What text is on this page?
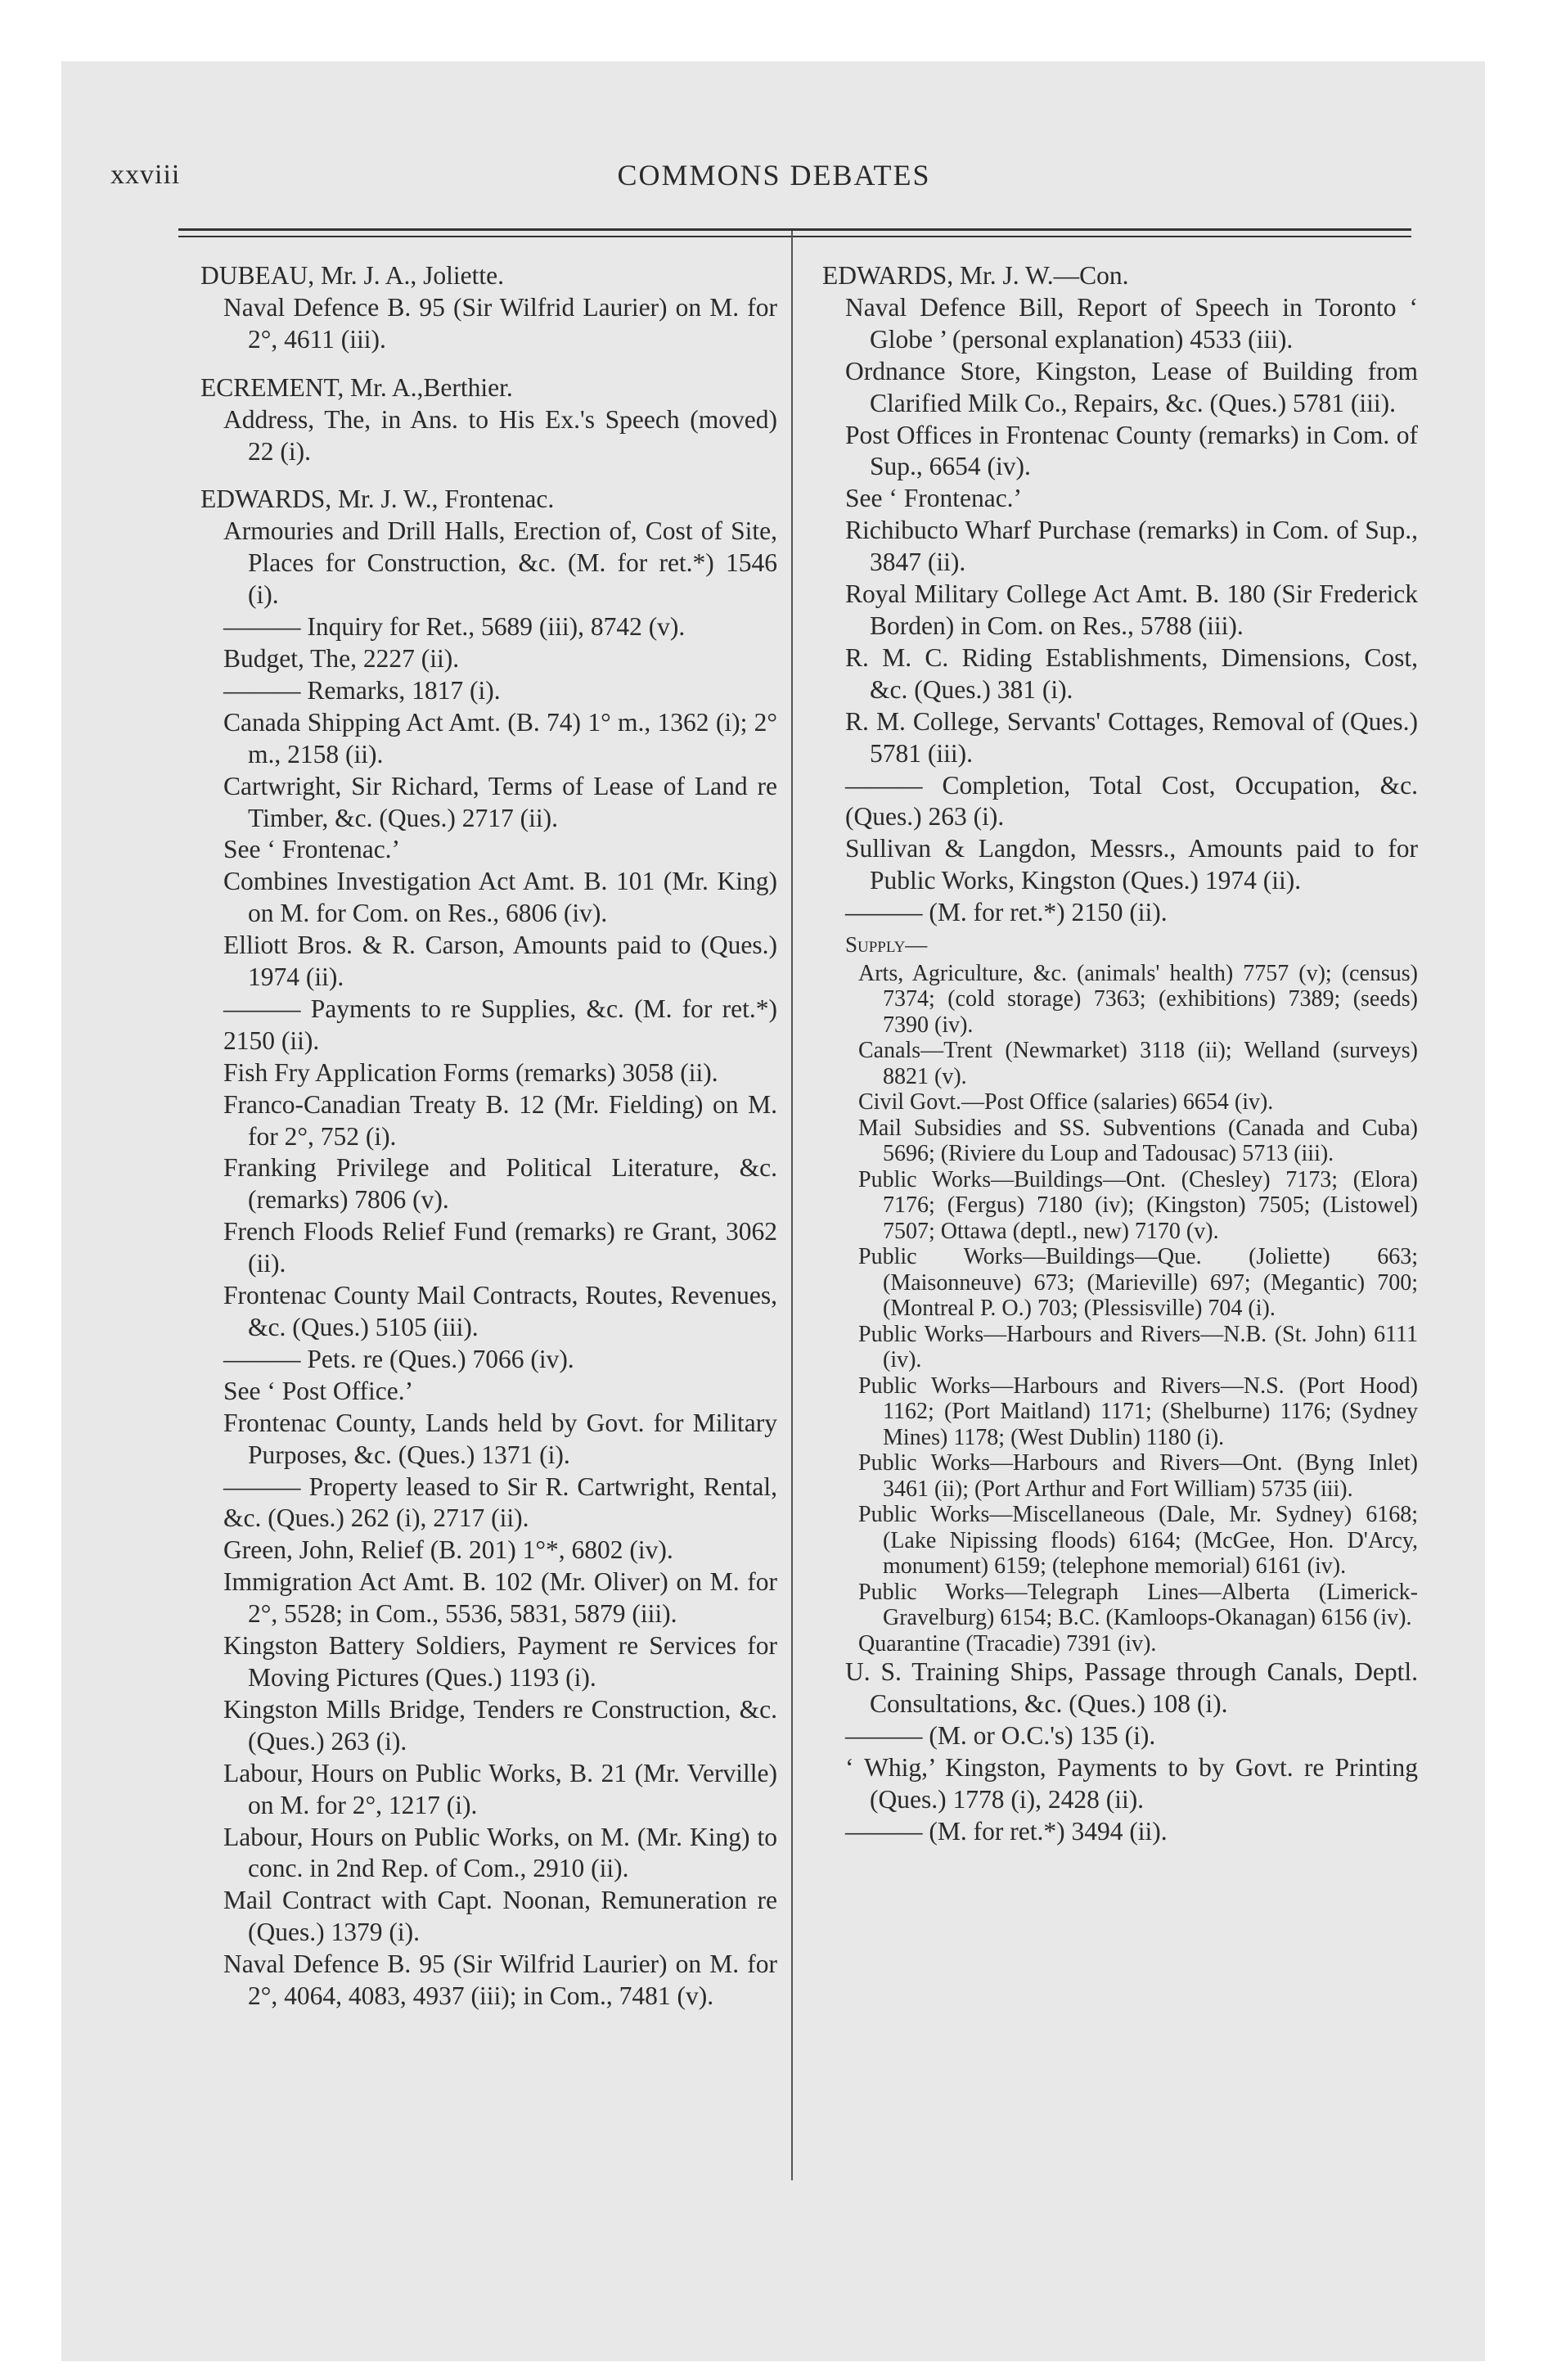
xxviii	COMMONS DEBATES
DUBEAU, Mr. J. A., Joliette.
Naval Defence B. 95 (Sir Wilfrid Laurier) on M. for 2°, 4611 (iii).
ECREMENT, Mr. A.,Berthier.
Address, The, in Ans. to His Ex.'s Speech (moved) 22 (i).
EDWARDS, Mr. J. W., Frontenac.
Armouries and Drill Halls, Erection of, Cost of Site, Places for Construction, &c. (M. for ret.*) 1546 (i).
——— Inquiry for Ret., 5689 (iii), 8742 (v).
Budget, The, 2227 (ii).
——— Remarks, 1817 (i).
Canada Shipping Act Amt. (B. 74) 1° m., 1362 (i); 2° m., 2158 (ii).
Cartwright, Sir Richard, Terms of Lease of Land re Timber, &c. (Ques.) 2717 (ii).
See ‘ Frontenac.’
Combines Investigation Act Amt. B. 101 (Mr. King) on M. for Com. on Res., 6806 (iv).
Elliott Bros. & R. Carson, Amounts paid to (Ques.) 1974 (ii).
——— Payments to re Supplies, &c. (M. for ret.*) 2150 (ii).
Fish Fry Application Forms (remarks) 3058 (ii).
Franco-Canadian Treaty B. 12 (Mr. Fielding) on M. for 2°, 752 (i).
Franking Privilege and Political Literature, &c. (remarks) 7806 (v).
French Floods Relief Fund (remarks) re Grant, 3062 (ii).
Frontenac County Mail Contracts, Routes, Revenues, &c. (Ques.) 5105 (iii).
——— Pets. re (Ques.) 7066 (iv).
See ‘ Post Office.’
Frontenac County, Lands held by Govt. for Military Purposes, &c. (Ques.) 1371 (i).
——— Property leased to Sir R. Cartwright, Rental, &c. (Ques.) 262 (i), 2717 (ii).
Green, John, Relief (B. 201) 1°*, 6802 (iv).
Immigration Act Amt. B. 102 (Mr. Oliver) on M. for 2°, 5528; in Com., 5536, 5831, 5879 (iii).
Kingston Battery Soldiers, Payment re Services for Moving Pictures (Ques.) 1193 (i).
Kingston Mills Bridge, Tenders re Construction, &c. (Ques.) 263 (i).
Labour, Hours on Public Works, B. 21 (Mr. Verville) on M. for 2°, 1217 (i).
Labour, Hours on Public Works, on M. (Mr. King) to conc. in 2nd Rep. of Com., 2910 (ii).
Mail Contract with Capt. Noonan, Remuneration re (Ques.) 1379 (i).
Naval Defence B. 95 (Sir Wilfrid Laurier) on M. for 2°, 4064, 4083, 4937 (iii); in Com., 7481 (v).
EDWARDS, Mr. J. W.—Con.
Naval Defence Bill, Report of Speech in Toronto ‘ Globe ’ (personal explanation) 4533 (iii).
Ordnance Store, Kingston, Lease of Building from Clarified Milk Co., Repairs, &c. (Ques.) 5781 (iii).
Post Offices in Frontenac County (remarks) in Com. of Sup., 6654 (iv).
See ‘ Frontenac.’
Richibucto Wharf Purchase (remarks) in Com. of Sup., 3847 (ii).
Royal Military College Act Amt. B. 180 (Sir Frederick Borden) in Com. on Res., 5788 (iii).
R. M. C. Riding Establishments, Dimensions, Cost, &c. (Ques.) 381 (i).
R. M. College, Servants' Cottages, Removal of (Ques.) 5781 (iii).
——— Completion, Total Cost, Occupation, &c. (Ques.) 263 (i).
Sullivan & Langdon, Messrs., Amounts paid to for Public Works, Kingston (Ques.) 1974 (ii).
——— (M. for ret.*) 2150 (ii).
Supply—
Arts, Agriculture, &c. (animals' health) 7757 (v); (census) 7374; (cold storage) 7363; (exhibitions) 7389; (seeds) 7390 (iv).
Canals—Trent (Newmarket) 3118 (ii); Welland (surveys) 8821 (v).
Civil Govt.—Post Office (salaries) 6654 (iv).
Mail Subsidies and SS. Subventions (Canada and Cuba) 5696; (Riviere du Loup and Tadousac) 5713 (iii).
Public Works—Buildings—Ont. (Chesley) 7173; (Elora) 7176; (Fergus) 7180 (iv); (Kingston) 7505; (Listowel) 7507; Ottawa (deptl., new) 7170 (v).
Public Works—Buildings—Que. (Joliette) 663; (Maisonneuve) 673; (Marieville) 697; (Megantic) 700; (Montreal P. O.) 703; (Plessisville) 704 (i).
Public Works—Harbours and Rivers—N.B. (St. John) 6111 (iv).
Public Works—Harbours and Rivers—N.S. (Port Hood) 1162; (Port Maitland) 1171; (Shelburne) 1176; (Sydney Mines) 1178; (West Dublin) 1180 (i).
Public Works—Harbours and Rivers—Ont. (Byng Inlet) 3461 (ii); (Port Arthur and Fort William) 5735 (iii).
Public Works—Miscellaneous (Dale, Mr. Sydney) 6168; (Lake Nipissing floods) 6164; (McGee, Hon. D'Arcy, monument) 6159; (telephone memorial) 6161 (iv).
Public Works—Telegraph Lines—Alberta (Limerick-Gravelburg) 6154; B.C. (Kamloops-Okanagan) 6156 (iv).
Quarantine (Tracadie) 7391 (iv).
U. S. Training Ships, Passage through Canals, Deptl. Consultations, &c. (Ques.) 108 (i).
——— (M. or O.C.'s) 135 (i).
‘ Whig,’ Kingston, Payments to by Govt. re Printing (Ques.) 1778 (i), 2428 (ii).
——— (M. for ret.*) 3494 (ii).
